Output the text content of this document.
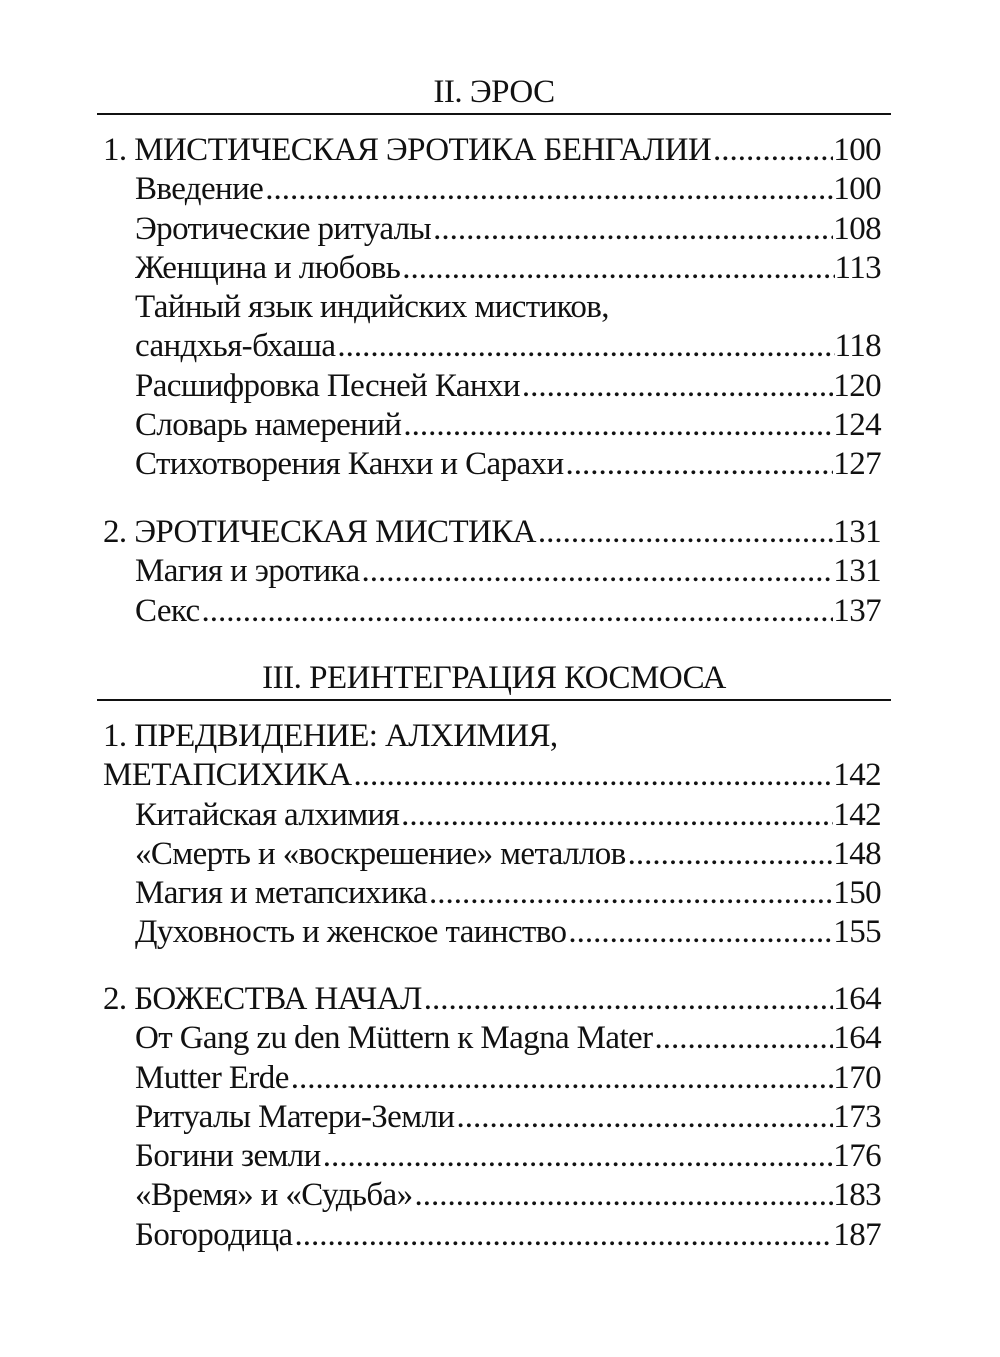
II. ЭРОС
1. МИСТИЧЕСКАЯ ЭРОТИКА БЕНГАЛИИ .....	100
Введение .....	100
Эротические ритуалы .....	108
Женщина и любовь .....	113
Тайный язык индийских мистиков,
сандхья-бхаша .....	118
Расшифровка Песней Канхи .....	120
Словарь намерений .....	124
Стихотворения Канхи и Сарахи .....	127
2. ЭРОТИЧЕСКАЯ МИСТИКА .....	131
Магия и эротика .....	131
Секс .....	137
III. РЕИНТЕГРАЦИЯ КОСМОСА
1. ПРЕДВИДЕНИЕ: АЛХИМИЯ,
МЕТАПСИХИКА .....	142
Китайская алхимия .....	142
«Смерть и «воскрешение» металлов .....	148
Магия и метапсихика .....	150
Духовность и женское таинство .....	155
2. БОЖЕСТВА НАЧАЛ .....	164
От Gang zu den Müttern к Magna Mater .....	164
Mutter Erde .....	170
Ритуалы Матери-Земли .....	173
Богини земли .....	176
«Время» и «Судьба» .....	183
Богородица .....	187
